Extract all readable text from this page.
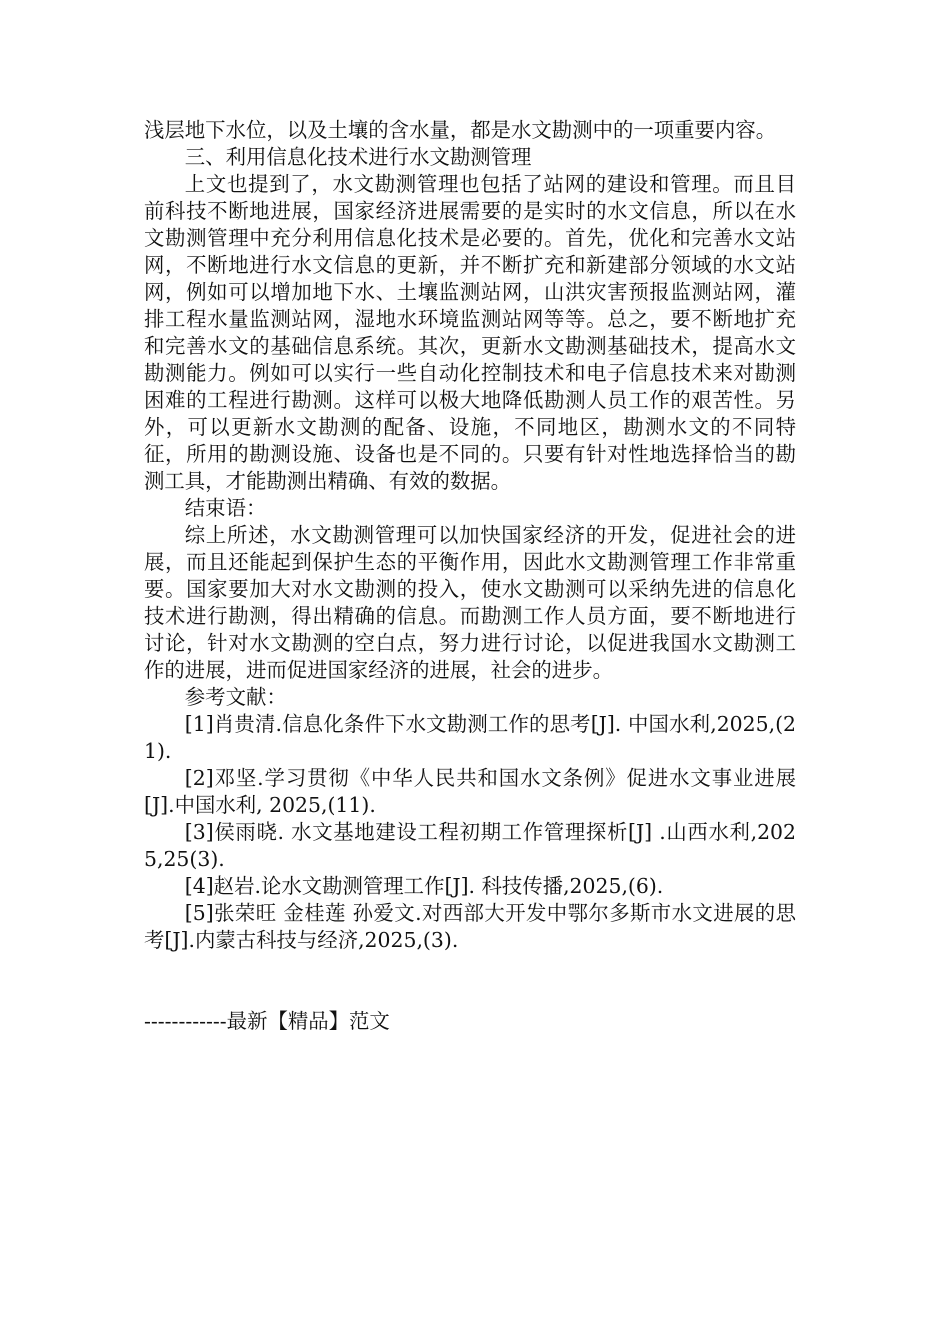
浅层地下水位，以及土壤的含水量，都是水文勘测中的一项重要内容。

三、利用信息化技术进行水文勘测管理

上文也提到了，水文勘测管理也包括了站网的建设和管理。而且目前科技不断地进展，国家经济进展需要的是实时的水文信息，所以在水文勘测管理中充分利用信息化技术是必要的。首先，优化和完善水文站网，不断地进行水文信息的更新，并不断扩充和新建部分领域的水文站网，例如可以增加地下水、土壤监测站网，山洪灾害预报监测站网，灌排工程水量监测站网，湿地水环境监测站网等等。总之，要不断地扩充和完善水文的基础信息系统。其次，更新水文勘测基础技术，提高水文勘测能力。例如可以实行一些自动化控制技术和电子信息技术来对勘测困难的工程进行勘测。这样可以极大地降低勘测人员工作的艰苦性。另外，可以更新水文勘测的配备、设施，不同地区，勘测水文的不同特征，所用的勘测设施、设备也是不同的。只要有针对性地选择恰当的勘测工具，才能勘测出精确、有效的数据。

结束语：

综上所述，水文勘测管理可以加快国家经济的开发，促进社会的进展，而且还能起到保护生态的平衡作用，因此水文勘测管理工作非常重要。国家要加大对水文勘测的投入，使水文勘测可以采纳先进的信息化技术进行勘测，得出精确的信息。而勘测工作人员方面，要不断地进行讨论，针对水文勘测的空白点，努力进行讨论，以促进我国水文勘测工作的进展，进而促进国家经济的进展，社会的进步。

参考文献：

[1]肖贵清.信息化条件下水文勘测工作的思考[J]. 中国水利,2025,(21).

[2]邓坚.学习贯彻《中华人民共和国水文条例》促进水文事业进展[J].中国水利, 2025,(11).

[3]侯雨晓. 水文基地建设工程初期工作管理探析[J] .山西水利,2025,25(3).

[4]赵岩.论水文勘测管理工作[J]. 科技传播,2025,(6).

[5]张荣旺 金桂莲 孙爱文.对西部大开发中鄂尔多斯市水文进展的思考[J].内蒙古科技与经济,2025,(3).

------------最新【精品】范文
